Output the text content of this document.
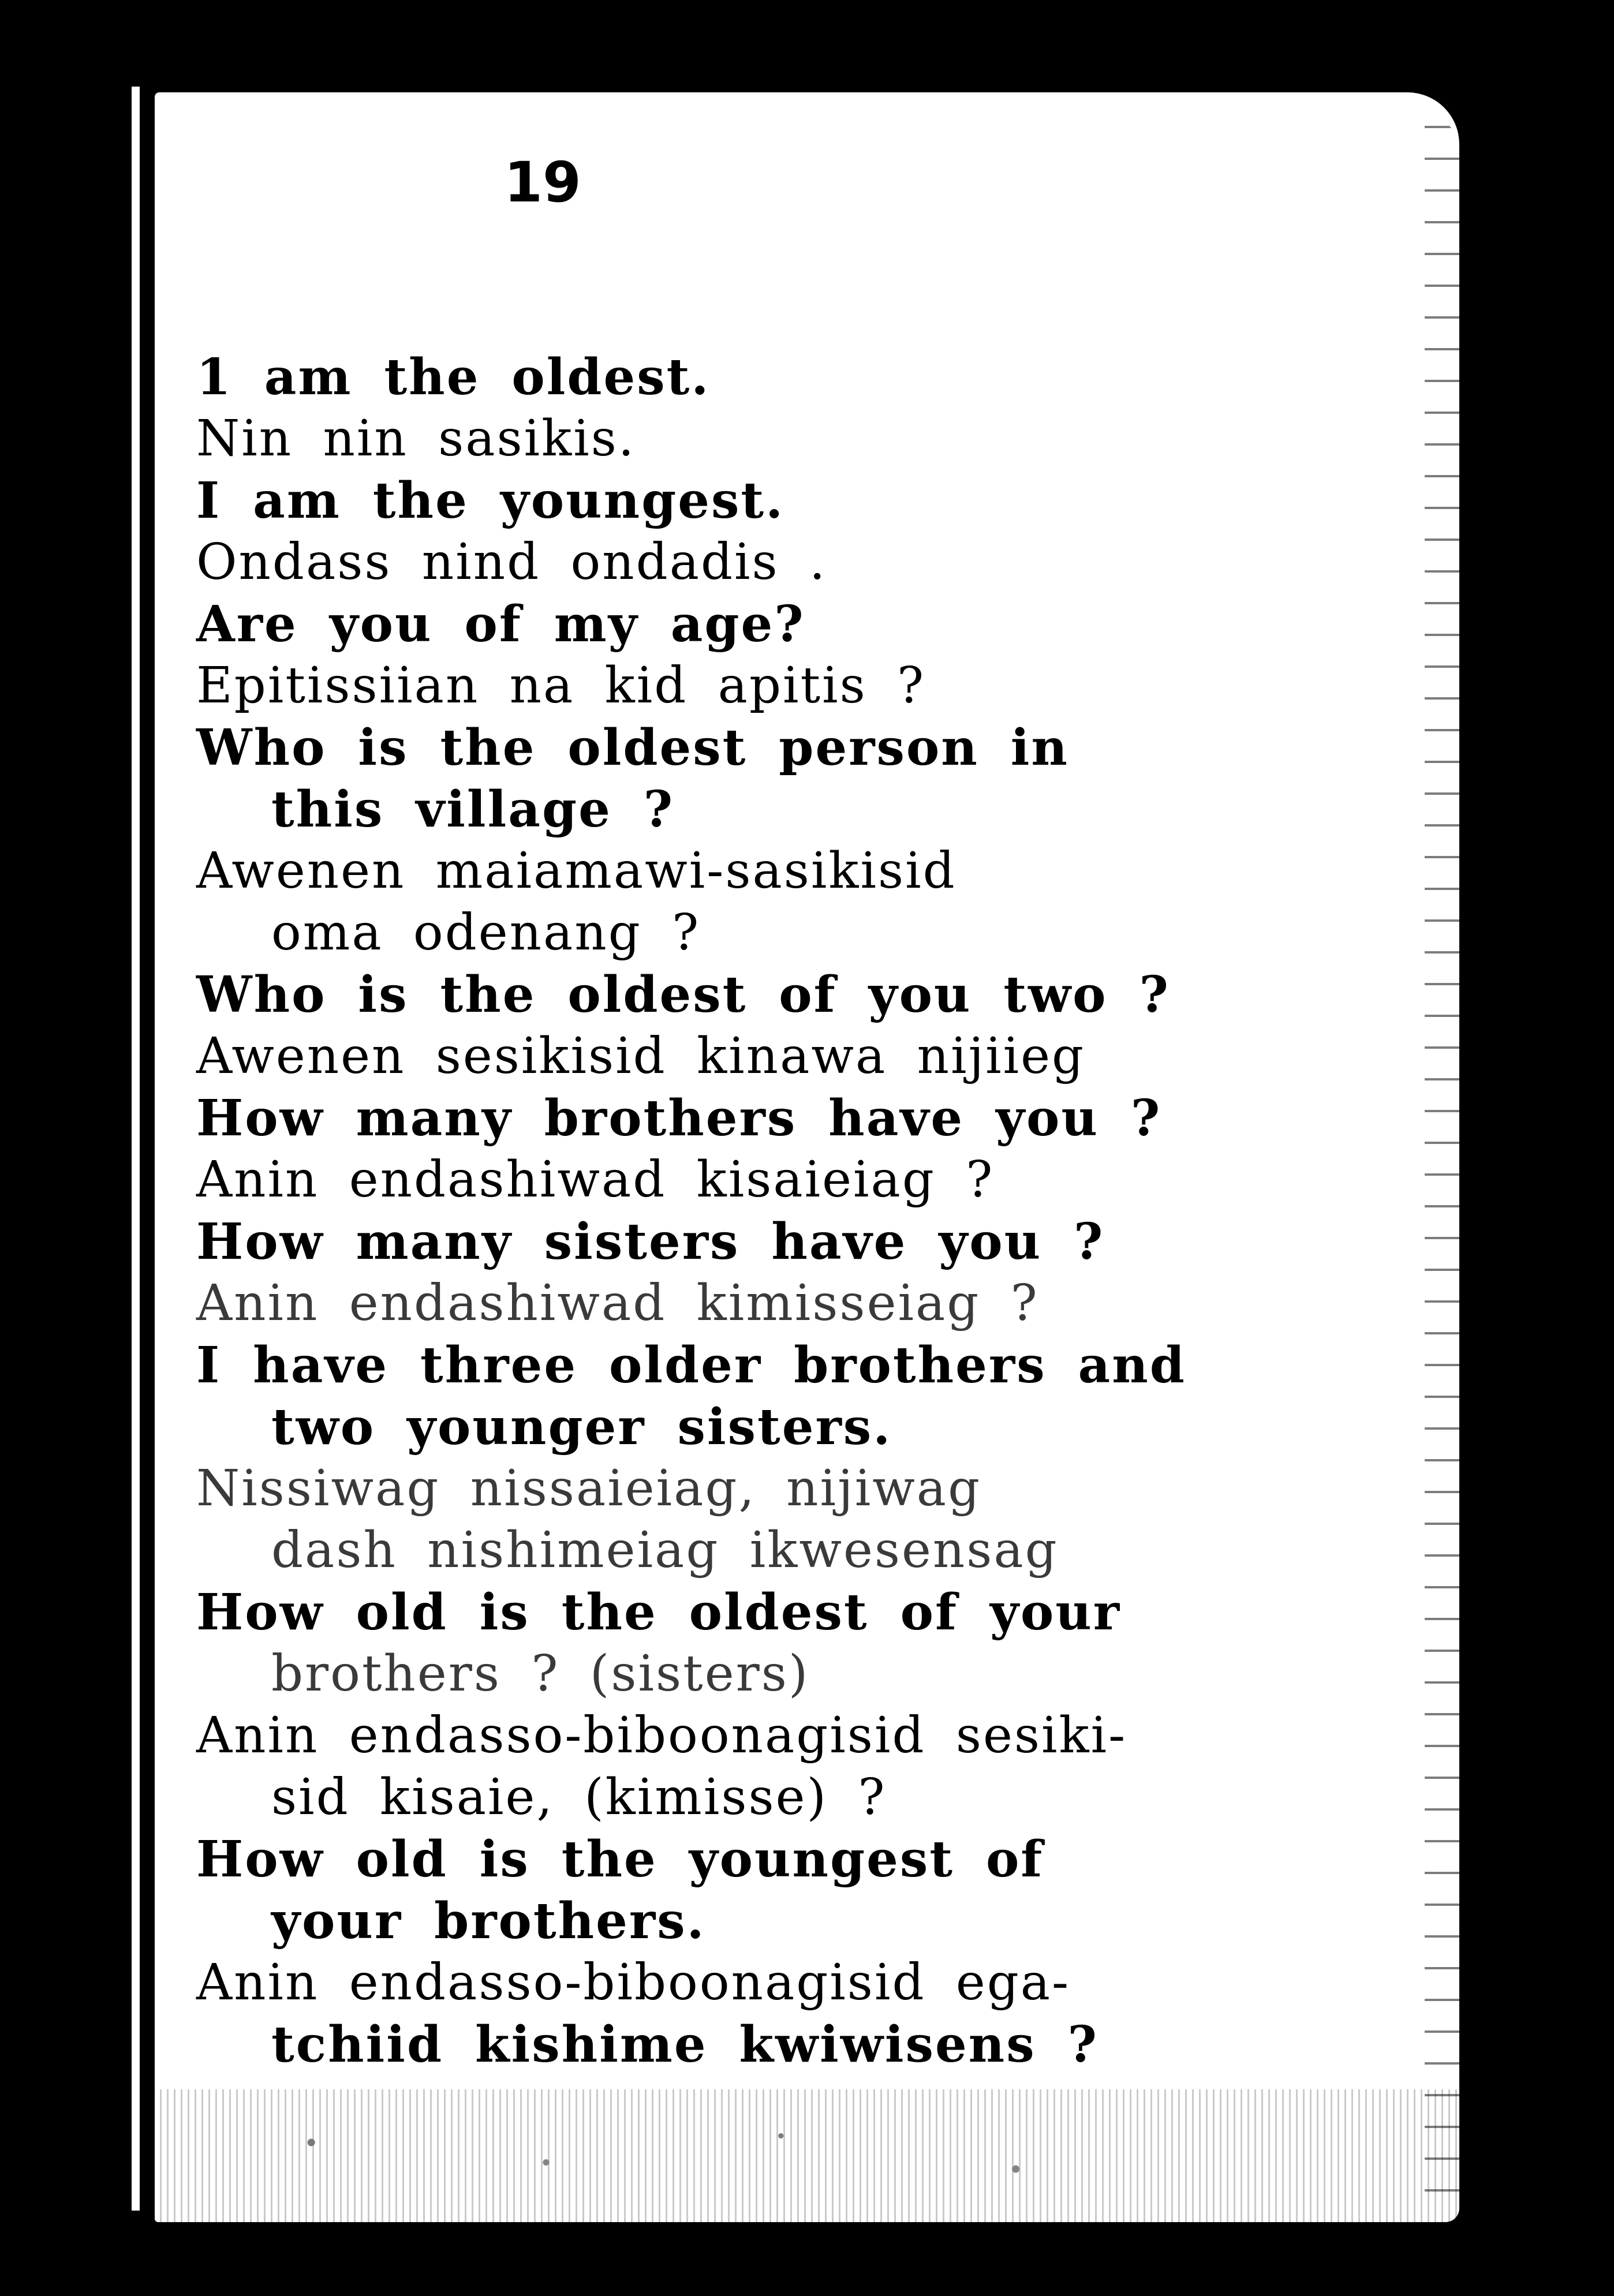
19
1 am the oldest.
Nin nin sasikis.
I am the youngest.
Ondass nind ondadis .
Are you of my age?
Epitissiian na kid apitis ?
Who is the oldest person in
this village ?
Awenen maiamawi-sasikisid
oma odenang ?
Who is the oldest of you two ?
Awenen sesikisid kinawa nijiieg
How many brothers have you ?
Anin endashiwad kisaieiag ?
How many sisters have you ?
Anin endashiwad kimisseiag ?
I have three older brothers and
two younger sisters.
Nissiwag nissaieiag, nijiwag
dash nishimeiag ikwesensag
How old is the oldest of your
brothers ? (sisters)
Anin endasso-biboonagisid sesiki-
sid kisaie, (kimisse) ?
How old is the youngest of
your brothers.
Anin endasso-biboonagisid ega-
tchiid kishime kwiwisens ?
